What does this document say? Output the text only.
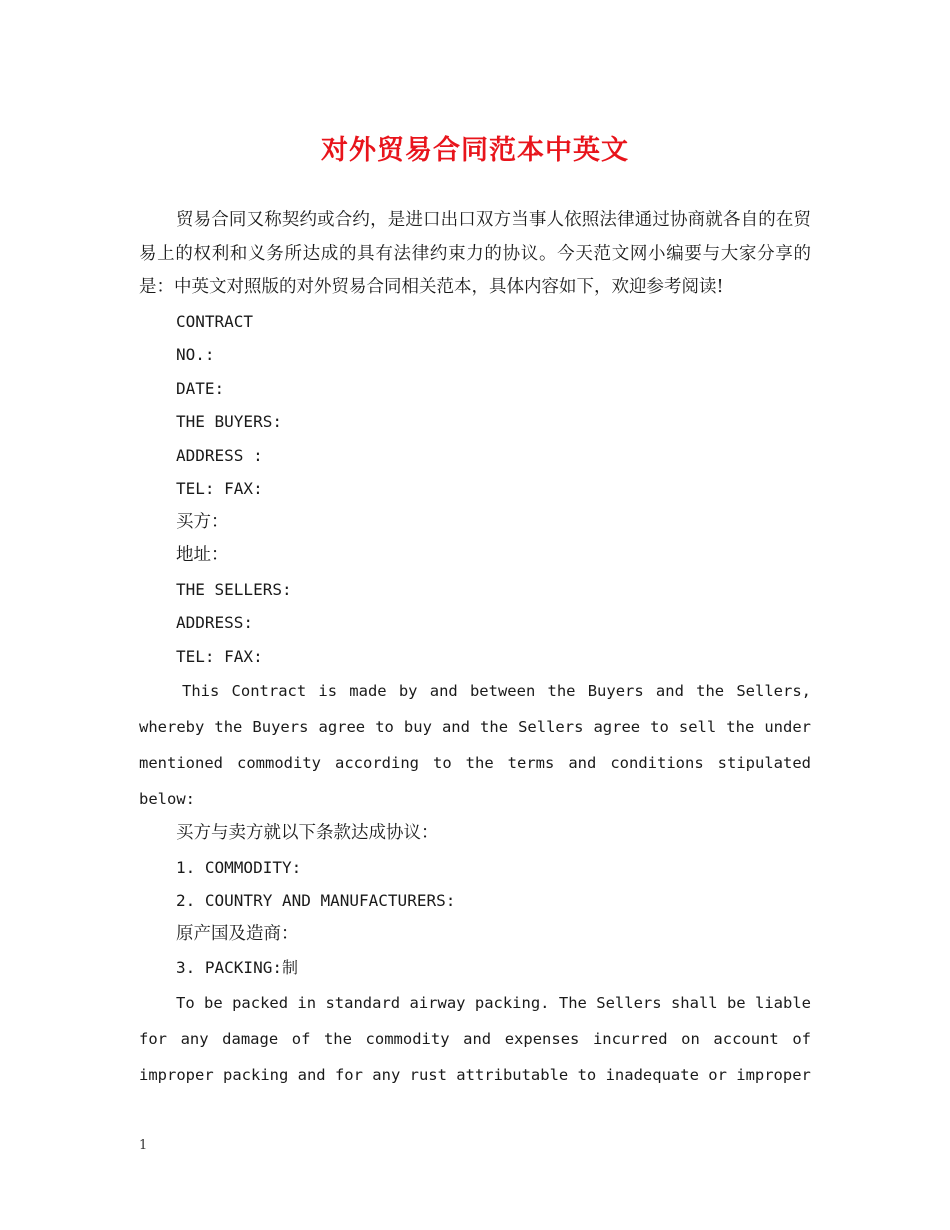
对外贸易合同范本中英文

贸易合同又称契约或合约，是进口出口双方当事人依照法律通过协商就各自的在贸易上的权利和义务所达成的具有法律约束力的协议。今天范文网小编要与大家分享的是：中英文对照版的对外贸易合同相关范本，具体内容如下，欢迎参考阅读!

CONTRACT
NO.:
DATE:
THE BUYERS:
ADDRESS :
TEL: FAX:
买方：
地址：
THE SELLERS:
ADDRESS:
TEL: FAX:

This Contract is made by and between the Buyers and the Sellers, whereby the Buyers agree to buy and the Sellers agree to sell the under mentioned commodity according to the terms and conditions stipulated below:

买方与卖方就以下条款达成协议：
1. COMMODITY:
2. COUNTRY AND MANUFACTURERS:
原产国及造商：
3. PACKING:制

To be packed in standard airway packing. The Sellers shall be liable for any damage of the commodity and expenses incurred on account of improper packing and for any rust attributable to inadequate or improper

1
